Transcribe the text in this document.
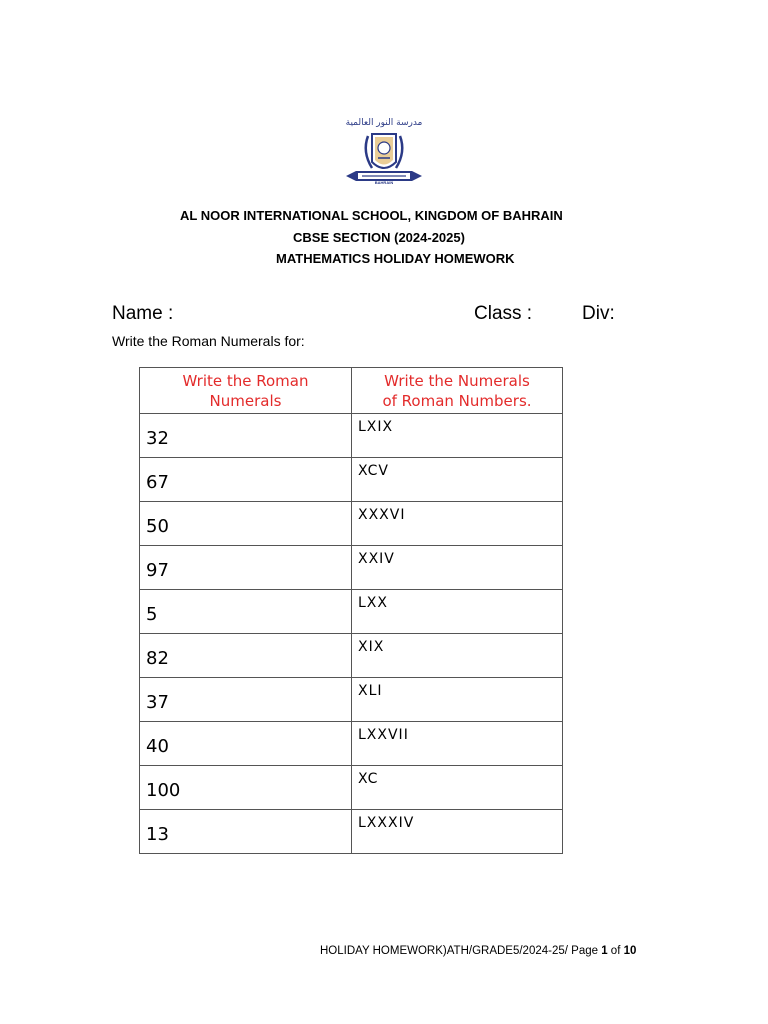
مدرسة النور العالمية
BAHRAIN
AL NOOR INTERNATIONAL SCHOOL, KINGDOM OF BAHRAIN
CBSE SECTION (2024-2025)
MATHEMATICS HOLIDAY HOMEWORK
Name :	Class :	Div:
Write the Roman Numerals for:
Write the Roman
Numerals	Write the Numerals
of Roman Numbers.

32	LXIX

67	XCV

50	XXXVI

97	XXIV

5	LXX

82	XIX

37	XLI

40	LXXVII

100	XC

13	LXXXIV
HOLIDAY HOMEWORK)ATH/GRADE5/2024-25/ Page 1 of 10
